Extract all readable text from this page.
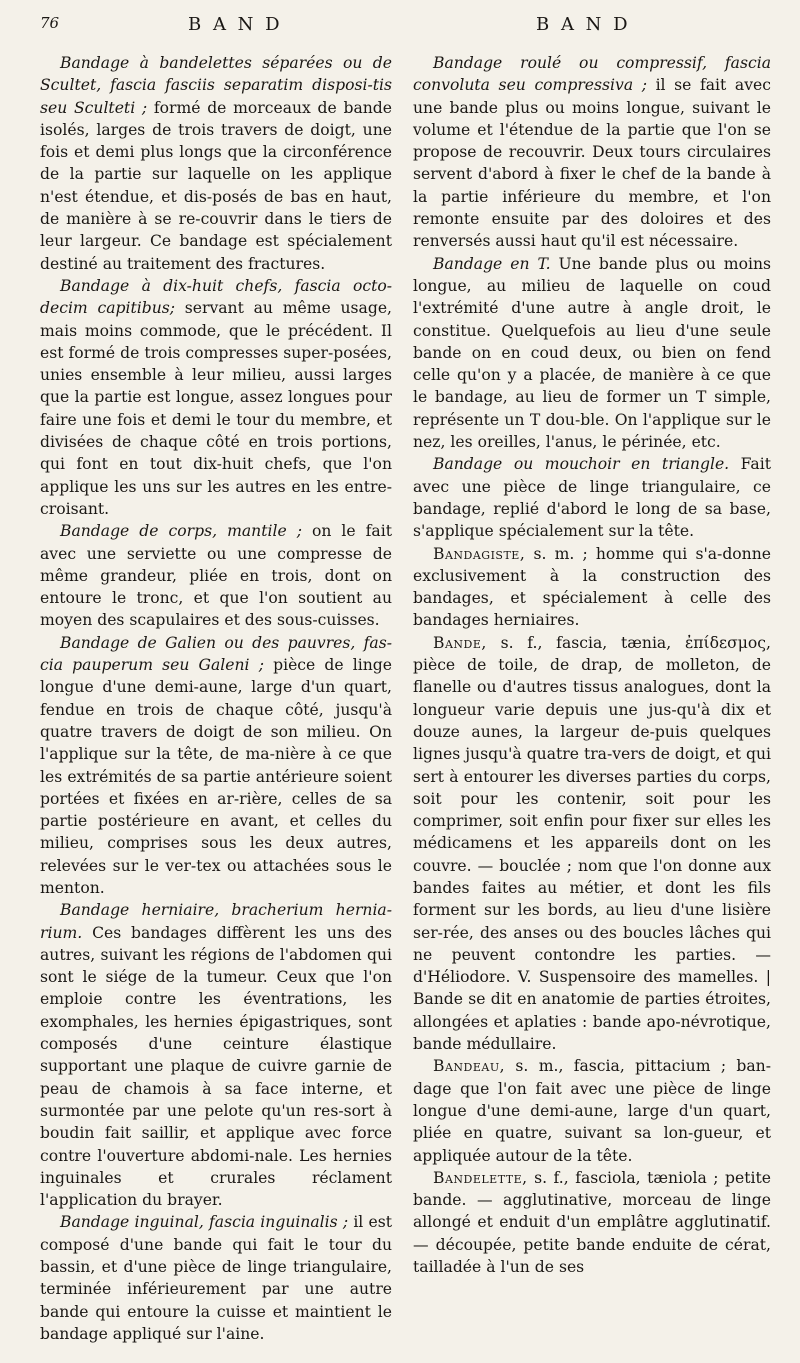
76	B A N D	B A N D

Bandage à bandelettes séparées ou de Scultet, fascia fasciis separatim disposi-tis seu Sculteti ; formé de morceaux de bande isolés, larges de trois travers de doigt, une fois et demi plus longs que la circonférence de la partie sur laquelle on les applique n'est étendue, et dis-posés de bas en haut, de manière à se re-couvrir dans le tiers de leur largeur. Ce bandage est spécialement destiné au traitement des fractures.

Bandage à dix-huit chefs, fascia octo-decim capitibus; servant au même usage, mais moins commode, que le précédent. Il est formé de trois compresses super-posées, unies ensemble à leur milieu, aussi larges que la partie est longue, assez longues pour faire une fois et demi le tour du membre, et divisées de chaque côté en trois portions, qui font en tout dix-huit chefs, que l'on applique les uns sur les autres en les entre-croisant.

Bandage de corps, mantile ; on le fait avec une serviette ou une compresse de même grandeur, pliée en trois, dont on entoure le tronc, et que l'on soutient au moyen des scapulaires et des sous-cuisses.

Bandage de Galien ou des pauvres, fas-cia pauperum seu Galeni ; pièce de linge longue d'une demi-aune, large d'un quart, fendue en trois de chaque côté, jusqu'à quatre travers de doigt de son milieu. On l'applique sur la tête, de ma-nière à ce que les extrémités de sa partie antérieure soient portées et fixées en ar-rière, celles de sa partie postérieure en avant, et celles du milieu, comprises sous les deux autres, relevées sur le ver-tex ou attachées sous le menton.

Bandage herniaire, bracherium hernia-rium. Ces bandages diffèrent les uns des autres, suivant les régions de l'abdomen qui sont le siége de la tumeur. Ceux que l'on emploie contre les éventrations, les exomphales, les hernies épigastriques, sont composés d'une ceinture élastique supportant une plaque de cuivre garnie de peau de chamois à sa face interne, et surmontée par une pelote qu'un res-sort à boudin fait saillir, et applique avec force contre l'ouverture abdomi-nale. Les hernies inguinales et crurales réclament l'application du brayer.

Bandage inguinal, fascia inguinalis ; il est composé d'une bande qui fait le tour du bassin, et d'une pièce de linge triangulaire, terminée inférieurement par une autre bande qui entoure la cuisse et maintient le bandage appliqué sur l'aine.

Bandage roulé ou compressif, fascia convoluta seu compressiva ; il se fait avec une bande plus ou moins longue, suivant le volume et l'étendue de la partie que l'on se propose de recouvrir. Deux tours circulaires servent d'abord à fixer le chef de la bande à la partie inférieure du membre, et l'on remonte ensuite par des doloires et des renversés aussi haut qu'il est nécessaire.

Bandage en T. Une bande plus ou moins longue, au milieu de laquelle on coud l'extrémité d'une autre à angle droit, le constitue. Quelquefois au lieu d'une seule bande on en coud deux, ou bien on fend celle qu'on y a placée, de manière à ce que le bandage, au lieu de former un T simple, représente un T dou-ble. On l'applique sur le nez, les oreilles, l'anus, le périnée, etc.

Bandage ou mouchoir en triangle. Fait avec une pièce de linge triangulaire, ce bandage, replié d'abord le long de sa base, s'applique spécialement sur la tête.

Bandagiste, s. m. ; homme qui s'a-donne exclusivement à la construction des bandages, et spécialement à celle des bandages herniaires.

Bande, s. f., fascia, tænia, ἐπίδεσμος, pièce de toile, de drap, de molleton, de flanelle ou d'autres tissus analogues, dont la longueur varie depuis une jus-qu'à dix et douze aunes, la largeur de-puis quelques lignes jusqu'à quatre tra-vers de doigt, et qui sert à entourer les diverses parties du corps, soit pour les contenir, soit pour les comprimer, soit enfin pour fixer sur elles les médicamens et les appareils dont on les couvre. — bouclée ; nom que l'on donne aux bandes faites au métier, et dont les fils forment sur les bords, au lieu d'une lisière ser-rée, des anses ou des boucles lâches qui ne peuvent contondre les parties. — d'Héliodore. V. Suspensoire des mamelles. | Bande se dit en anatomie de parties étroites, allongées et aplaties : bande apo-névrotique, bande médullaire.

Bandeau, s. m., fascia, pittacium ; ban-dage que l'on fait avec une pièce de linge longue d'une demi-aune, large d'un quart, pliée en quatre, suivant sa lon-gueur, et appliquée autour de la tête.

Bandelette, s. f., fasciola, tæniola ; petite bande. — agglutinative, morceau de linge allongé et enduit d'un emplâtre agglutinatif. — découpée, petite bande enduite de cérat, tailladée à l'un de ses
